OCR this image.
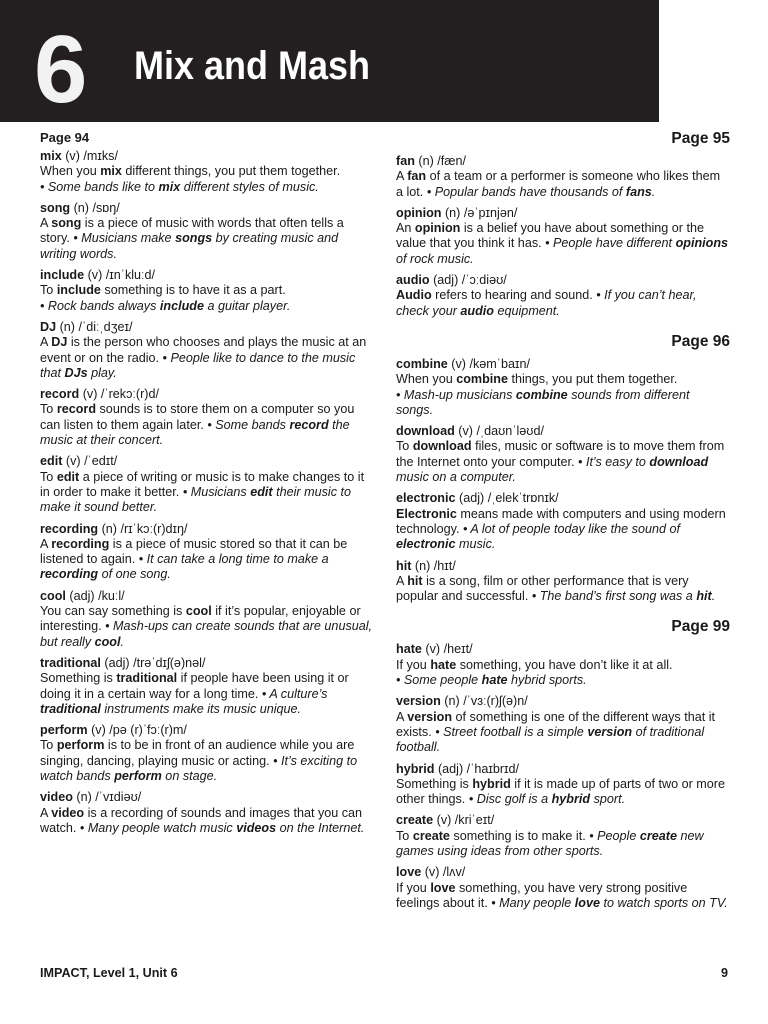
6 Mix and Mash
Page 94
mix (v) /mɪks/
When you mix different things, you put them together.
• Some bands like to mix different styles of music.
song (n) /sɒŋ/
A song is a piece of music with words that often tells a story. • Musicians make songs by creating music and writing words.
include (v) /ɪnˈkluːd/
To include something is to have it as a part.
• Rock bands always include a guitar player.
DJ (n) /ˈdiːˌdʒeɪ/
A DJ is the person who chooses and plays the music at an event or on the radio. • People like to dance to the music that DJs play.
record (v) /ˈrekɔː(r)d/
To record sounds is to store them on a computer so you can listen to them again later. • Some bands record the music at their concert.
edit (v) /ˈedɪt/
To edit a piece of writing or music is to make changes to it in order to make it better. • Musicians edit their music to make it sound better.
recording (n) /rɪˈkɔː(r)dɪŋ/
A recording is a piece of music stored so that it can be listened to again. • It can take a long time to make a recording of one song.
cool (adj) /kuːl/
You can say something is cool if it’s popular, enjoyable or interesting. • Mash-ups can create sounds that are unusual, but really cool.
traditional (adj) /trəˈdɪʃ(ə)nəl/
Something is traditional if people have been using it or doing it in a certain way for a long time. • A culture’s traditional instruments make its music unique.
perform (v) /pə (r)ˈfɔː(r)m/
To perform is to be in front of an audience while you are singing, dancing, playing music or acting. • It’s exciting to watch bands perform on stage.
video (n) /ˈvɪdiəʊ/
A video is a recording of sounds and images that you can watch. • Many people watch music videos on the Internet.
Page 95
fan (n) /fæn/
A fan of a team or a performer is someone who likes them a lot. • Popular bands have thousands of fans.
opinion (n) /əˈpɪnjən/
An opinion is a belief you have about something or the value that you think it has. • People have different opinions of rock music.
audio (adj) /ˈɔːdiəʊ/
Audio refers to hearing and sound. • If you can’t hear, check your audio equipment.
Page 96
combine (v) /kəmˈbaɪn/
When you combine things, you put them together.
• Mash-up musicians combine sounds from different songs.
download (v) /ˌdaʊnˈləʊd/
To download files, music or software is to move them from the Internet onto your computer. • It’s easy to download music on a computer.
electronic (adj) /ˌelekˈtrɒnɪk/
Electronic means made with computers and using modern technology. • A lot of people today like the sound of electronic music.
hit (n) /hɪt/
A hit is a song, film or other performance that is very popular and successful. • The band’s first song was a hit.
Page 99
hate (v) /heɪt/
If you hate something, you have don’t like it at all.
• Some people hate hybrid sports.
version (n) /ˈvɜː(r)ʃ(ə)n/
A version of something is one of the different ways that it exists. • Street football is a simple version of traditional football.
hybrid (adj) /ˈhaɪbrɪd/
Something is hybrid if it is made up of parts of two or more other things. • Disc golf is a hybrid sport.
create (v) /kriˈeɪt/
To create something is to make it. • People create new games using ideas from other sports.
love (v) /lʌv/
If you love something, you have very strong positive feelings about it. • Many people love to watch sports on TV.
IMPACT, Level 1, Unit 6	9
